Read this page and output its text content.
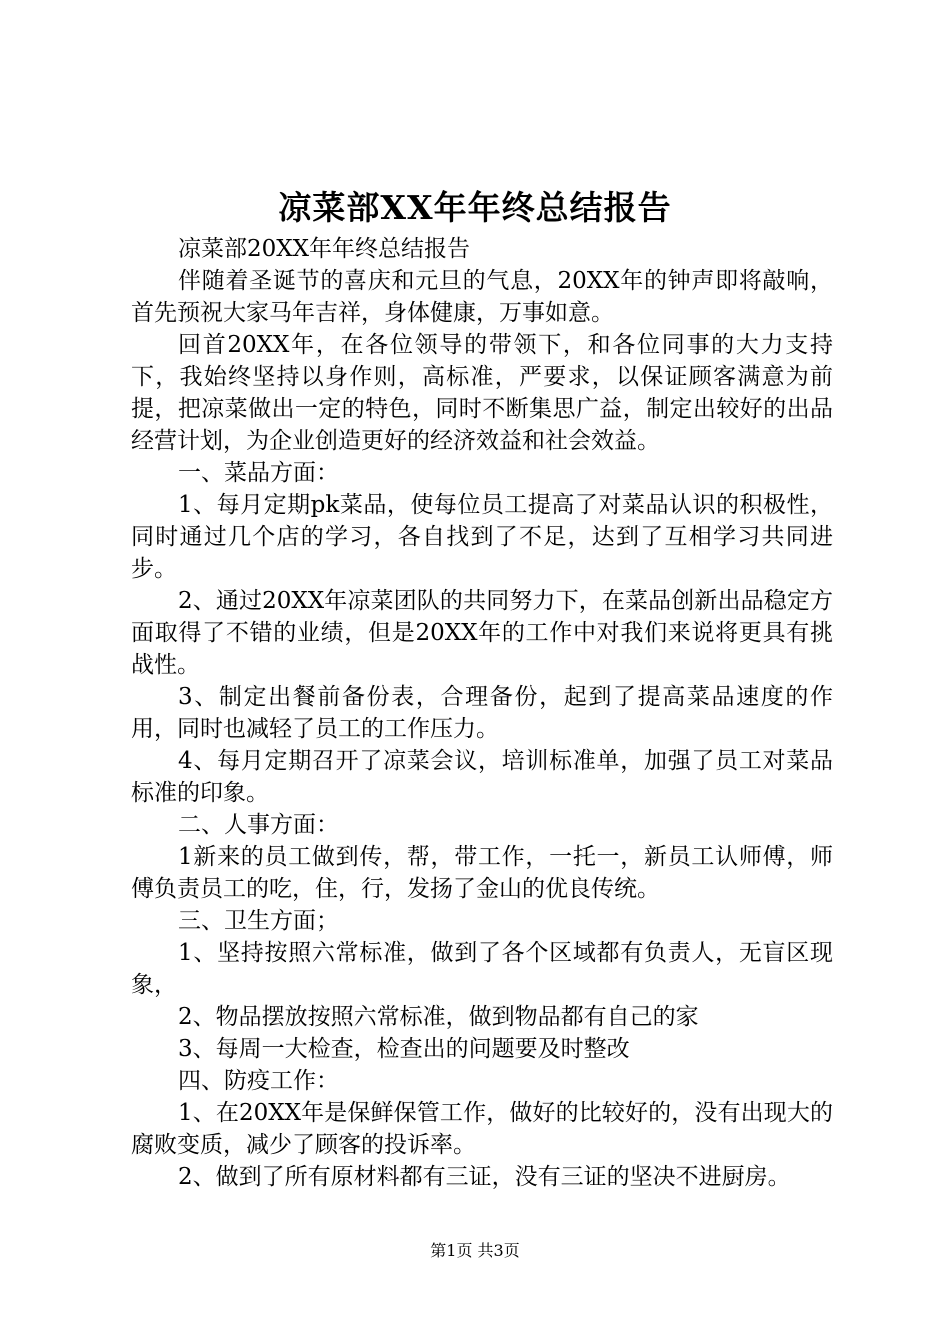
凉菜部XX年年终总结报告

凉菜部20XX年年终总结报告

伴随着圣诞节的喜庆和元旦的气息，20XX年的钟声即将敲响，首先预祝大家马年吉祥，身体健康，万事如意。

回首20XX年，在各位领导的带领下，和各位同事的大力支持下，我始终坚持以身作则，高标准，严要求，以保证顾客满意为前提，把凉菜做出一定的特色，同时不断集思广益，制定出较好的出品经营计划，为企业创造更好的经济效益和社会效益。

一、菜品方面：

1、每月定期pk菜品，使每位员工提高了对菜品认识的积极性，同时通过几个店的学习，各自找到了不足，达到了互相学习共同进步。

2、通过20XX年凉菜团队的共同努力下，在菜品创新出品稳定方面取得了不错的业绩，但是20XX年的工作中对我们来说将更具有挑战性。

3、制定出餐前备份表，合理备份，起到了提高菜品速度的作用，同时也减轻了员工的工作压力。

4、每月定期召开了凉菜会议，培训标准单，加强了员工对菜品标准的印象。

二、人事方面：

1新来的员工做到传，帮，带工作，一托一，新员工认师傅，师傅负责员工的吃，住，行，发扬了金山的优良传统。

三、卫生方面；

1、坚持按照六常标准，做到了各个区域都有负责人，无盲区现象，

2、物品摆放按照六常标准，做到物品都有自己的家

3、每周一大检查，检查出的问题要及时整改

四、防疫工作：

1、在20XX年是保鲜保管工作，做好的比较好的，没有出现大的腐败变质，减少了顾客的投诉率。

2、做到了所有原材料都有三证，没有三证的坚决不进厨房。

第1页 共3页
